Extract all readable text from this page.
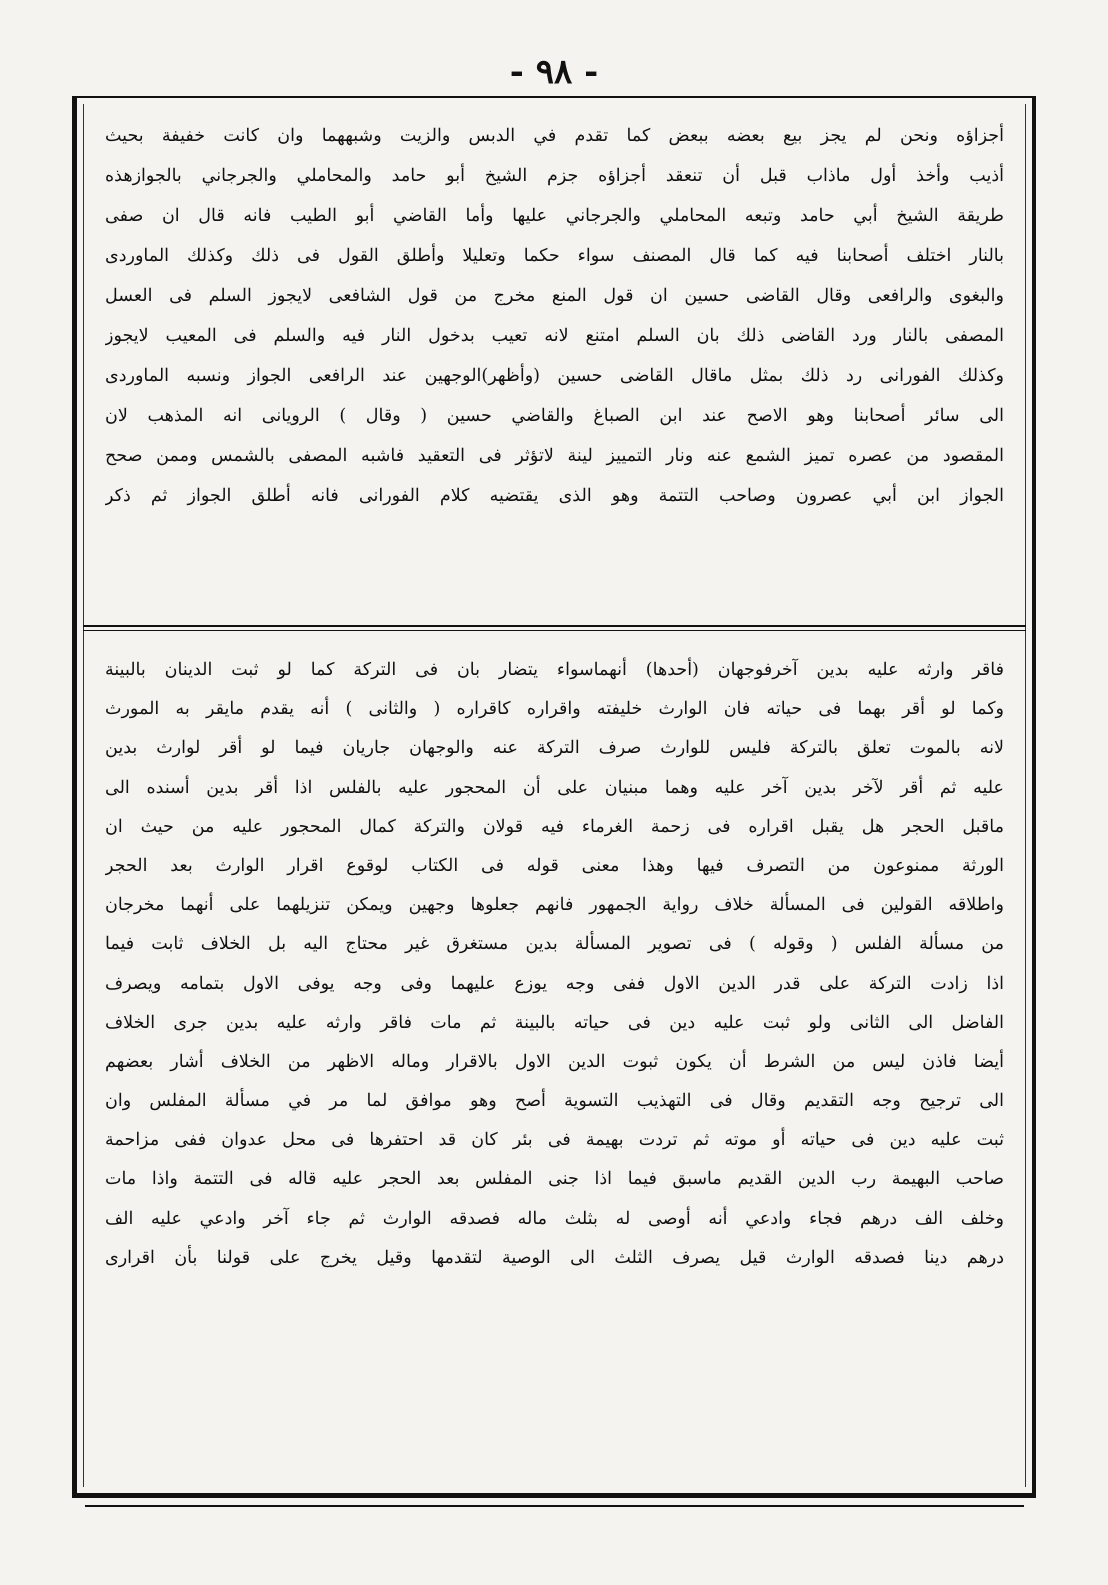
- ٩٨ -
أجزاؤه ونحن لم يجز بيع بعضه ببعض كما تقدم في الدبس والزيت وشبههما وان كانت خفيفة بحيث
أذيب وأخذ أول ماذاب قبل أن تنعقد أجزاؤه جزم الشيخ أبو حامد والمحاملي والجرجاني بالجوازهذه
طريقة الشيخ أبي حامد وتبعه المحاملي والجرجاني عليها وأما القاضي أبو الطيب فانه قال ان صفى
بالنار اختلف أصحابنا فيه كما قال المصنف سواء حكما وتعليلا وأطلق القول فى ذلك وكذلك الماوردى
والبغوى والرافعى وقال القاضى حسين ان قول المنع مخرج من قول الشافعى لايجوز السلم فى العسل
المصفى بالنار ورد القاضى ذلك بان السلم امتنع لانه تعيب بدخول النار فيه والسلم فى المعيب لايجوز
وكذلك الفورانى رد ذلك بمثل ماقال القاضى حسين (وأظهر)الوجهين عند الرافعى الجواز ونسبه الماوردى
الى سائر أصحابنا وهو الاصح عند ابن الصباغ والقاضي حسين ( وقال ) الرويانى انه المذهب لان
المقصود من عصره تميز الشمع عنه ونار التمييز لينة لاتؤثر فى التعقيد فاشبه المصفى بالشمس وممن صحح
الجواز ابن أبي عصرون وصاحب التتمة وهو الذى يقتضيه كلام الفورانى فانه أطلق الجواز ثم ذكر
فاقر وارثه عليه بدين آخرفوجهان (أحدها) أنهماسواء يتضار بان فى التركة كما لو ثبت الدينان بالبينة
وكما لو أقر بهما فى حياته فان الوارث خليفته واقراره كاقراره ( والثانى ) أنه يقدم مايقر به المورث
لانه بالموت تعلق بالتركة فليس للوارث صرف التركة عنه والوجهان جاريان فيما لو أقر لوارث بدين
عليه ثم أقر لآخر بدين آخر عليه وهما مبنيان على أن المحجور عليه بالفلس اذا أقر بدين أسنده الى
ماقبل الحجر هل يقبل اقراره فى زحمة الغرماء فيه قولان والتركة كمال المحجور عليه من حيث ان
الورثة ممنوعون من التصرف فيها وهذا معنى قوله فى الكتاب لوقوع اقرار الوارث بعد الحجر
واطلاقه القولين فى المسألة خلاف رواية الجمهور فانهم جعلوها وجهين ويمكن تنزيلهما على أنهما مخرجان
من مسألة الفلس ( وقوله ) فى تصوير المسألة بدين مستغرق غير محتاج اليه بل الخلاف ثابت فيما
اذا زادت التركة على قدر الدين الاول ففى وجه يوزع عليهما وفى وجه يوفى الاول بتمامه ويصرف
الفاضل الى الثانى ولو ثبت عليه دين فى حياته بالبينة ثم مات فاقر وارثه عليه بدين جرى الخلاف
أيضا فاذن ليس من الشرط أن يكون ثبوت الدين الاول بالاقرار وماله الاظهر من الخلاف أشار بعضهم
الى ترجيح وجه التقديم وقال فى التهذيب التسوية أصح وهو موافق لما مر في مسألة المفلس وان
ثبت عليه دين فى حياته أو موته ثم تردت بهيمة فى بئر كان قد احتفرها فى محل عدوان ففى مزاحمة
صاحب البهيمة رب الدين القديم ماسبق فيما اذا جنى المفلس بعد الحجر عليه قاله فى التتمة واذا مات
وخلف الف درهم فجاء وادعي أنه أوصى له بثلث ماله فصدقه الوارث ثم جاء آخر وادعي عليه الف
درهم دينا فصدقه الوارث قيل يصرف الثلث الى الوصية لتقدمها وقيل يخرج على قولنا بأن اقرارى
